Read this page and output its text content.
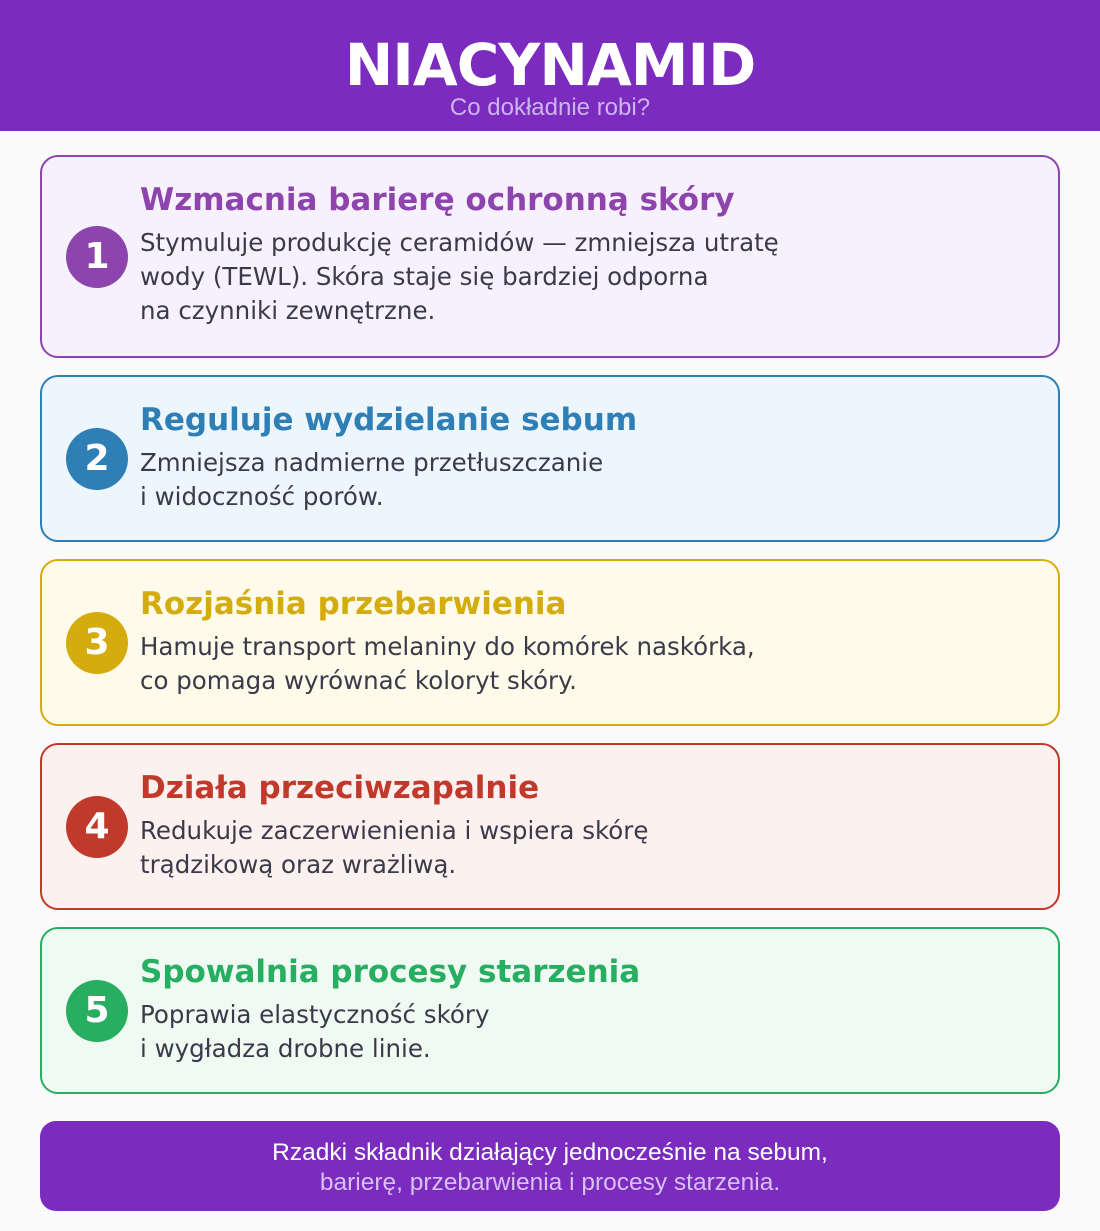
NIACYNAMID
Co dokładnie robi?
1
Wzmacnia barierę ochronną skóry
Stymuluje produkcję ceramidów — zmniejsza utratę
wody (TEWL). Skóra staje się bardziej odporna
na czynniki zewnętrzne.
2
Reguluje wydzielanie sebum
Zmniejsza nadmierne przetłuszczanie
i widoczność porów.
3
Rozjaśnia przebarwienia
Hamuje transport melaniny do komórek naskórka,
co pomaga wyrównać koloryt skóry.
4
Działa przeciwzapalnie
Redukuje zaczerwienienia i wspiera skórę
trądzikową oraz wrażliwą.
5
Spowalnia procesy starzenia
Poprawia elastyczność skóry
i wygładza drobne linie.
Rzadki składnik działający jednocześnie na sebum,
barierę, przebarwienia i procesy starzenia.
